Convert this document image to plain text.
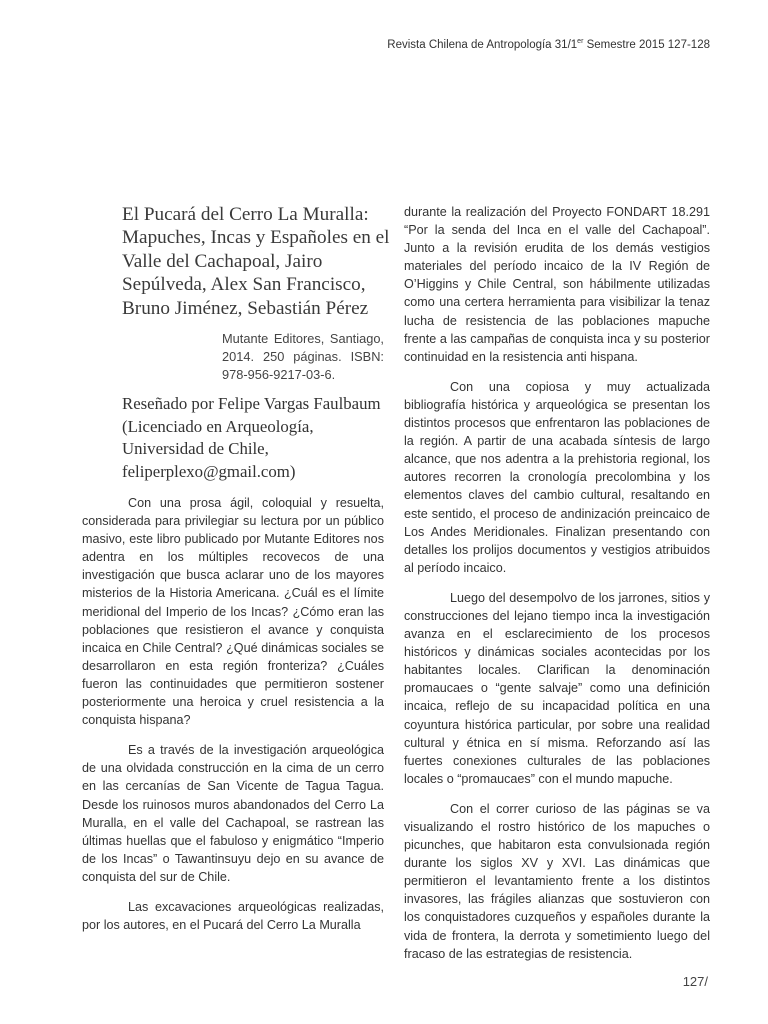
Revista Chilena de Antropología 31/1er Semestre 2015 127-128
El Pucará del Cerro La Muralla: Mapuches, Incas y Españoles en el Valle del Cachapoal, Jairo Sepúlveda, Alex San Francisco, Bruno Jiménez, Sebastián Pérez
Mutante Editores, Santiago, 2014. 250 páginas. ISBN: 978-956-9217-03-6.
Reseñado por Felipe Vargas Faulbaum
(Licenciado en Arqueología,
Universidad de Chile,
feliperplexo@gmail.com)

Con una prosa ágil, coloquial y resuelta, considerada para privilegiar su lectura por un público masivo, este libro publicado por Mutante Editores nos adentra en los múltiples recovecos de una investigación que busca aclarar uno de los mayores misterios de la Historia Americana. ¿Cuál es el límite meridional del Imperio de los Incas? ¿Cómo eran las poblaciones que resistieron el avance y conquista incaica en Chile Central? ¿Qué dinámicas sociales se desarrollaron en esta región fronteriza? ¿Cuáles fueron las continuidades que permitieron sostener posteriormente una heroica y cruel resistencia a la conquista hispana?

Es a través de la investigación arqueológica de una olvidada construcción en la cima de un cerro en las cercanías de San Vicente de Tagua Tagua. Desde los ruinosos muros abandonados del Cerro La Muralla, en el valle del Cachapoal, se rastrean las últimas huellas que el fabuloso y enigmático “Imperio de los Incas” o Tawantinsuyu dejo en su avance de conquista del sur de Chile.

Las excavaciones arqueológicas realizadas, por los autores, en el Pucará del Cerro La Muralla

durante la realización del Proyecto FONDART 18.291 “Por la senda del Inca en el valle del Cachapoal”. Junto a la revisión erudita de los demás vestigios materiales del período incaico de la IV Región de O’Higgins y Chile Central, son hábilmente utilizadas como una certera herramienta para visibilizar la tenaz lucha de resistencia de las poblaciones mapuche frente a las campañas de conquista inca y su posterior continuidad en la resistencia anti hispana.

Con una copiosa y muy actualizada bibliografía histórica y arqueológica se presentan los distintos procesos que enfrentaron las poblaciones de la región. A partir de una acabada síntesis de largo alcance, que nos adentra a la prehistoria regional, los autores recorren la cronología precolombina y los elementos claves del cambio cultural, resaltando en este sentido, el proceso de andinización preincaico de Los Andes Meridionales. Finalizan presentando con detalles los prolijos documentos y vestigios atribuidos al período incaico.

Luego del desempolvo de los jarrones, sitios y construcciones del lejano tiempo inca la investigación avanza en el esclarecimiento de los procesos históricos y dinámicas sociales acontecidas por los habitantes locales. Clarifican la denominación promaucaes o “gente salvaje” como una definición incaica, reflejo de su incapacidad política en una coyuntura histórica particular, por sobre una realidad cultural y étnica en sí misma. Reforzando así las fuertes conexiones culturales de las poblaciones locales o “promaucaes” con el mundo mapuche.

Con el correr curioso de las páginas se va visualizando el rostro histórico de los mapuches o picunches, que habitaron esta convulsionada región durante los siglos XV y XVI. Las dinámicas que permitieron el levantamiento frente a los distintos invasores, las frágiles alianzas que sostuvieron con los conquistadores cuzqueños y españoles durante la vida de frontera, la derrota y sometimiento luego del fracaso de las estrategias de resistencia.

127/
